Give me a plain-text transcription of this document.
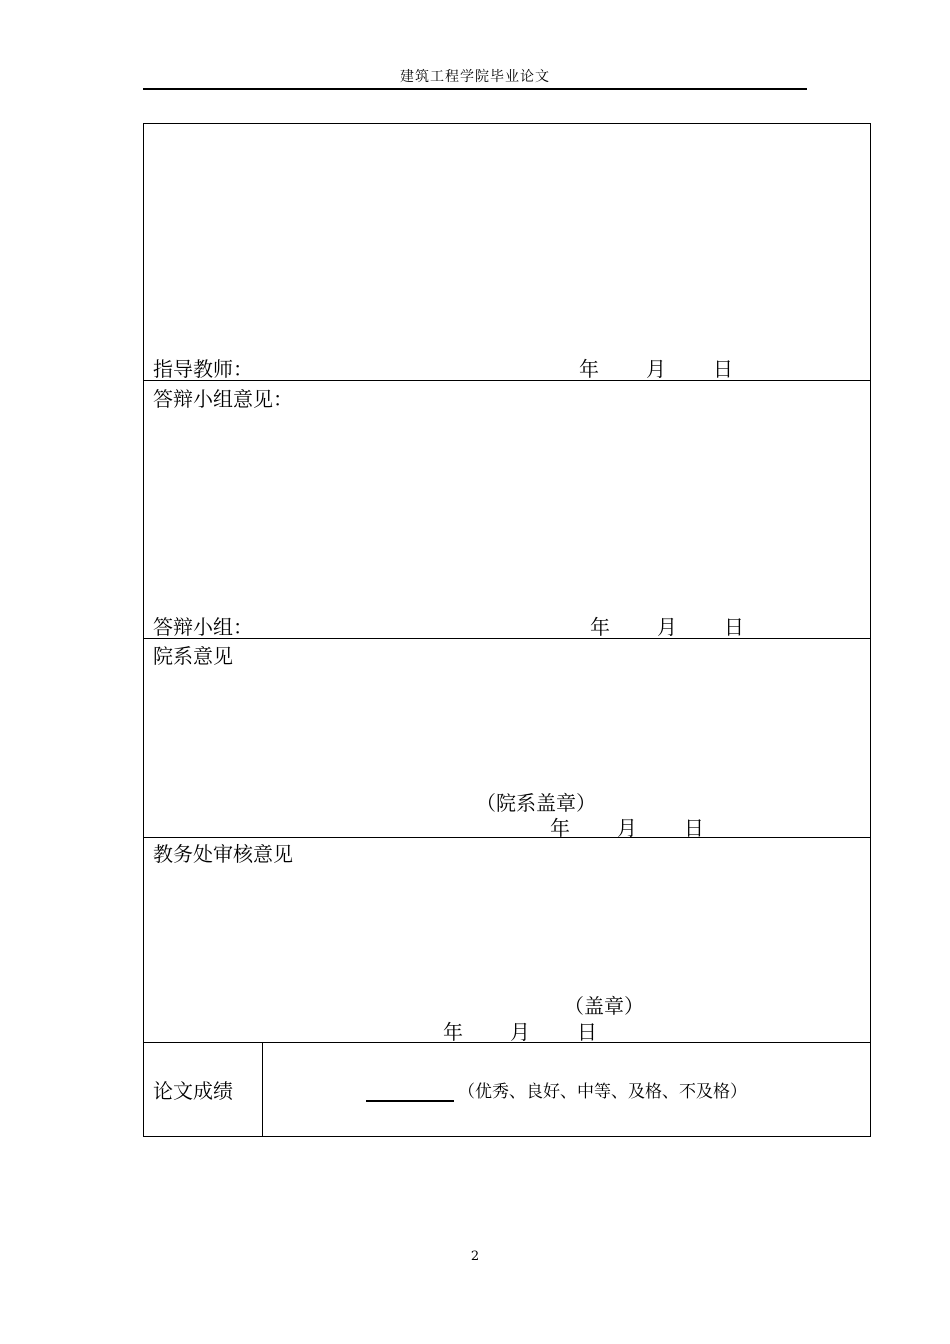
建筑工程学院毕业论文
指导教师：	年 月 日
答辩小组意见：
答辩小组：	年 月 日
院系意见
（院系盖章）
年 月 日
教务处审核意见
（盖章）
年 月 日
论文成绩	（优秀、良好、中等、及格、不及格）
2
